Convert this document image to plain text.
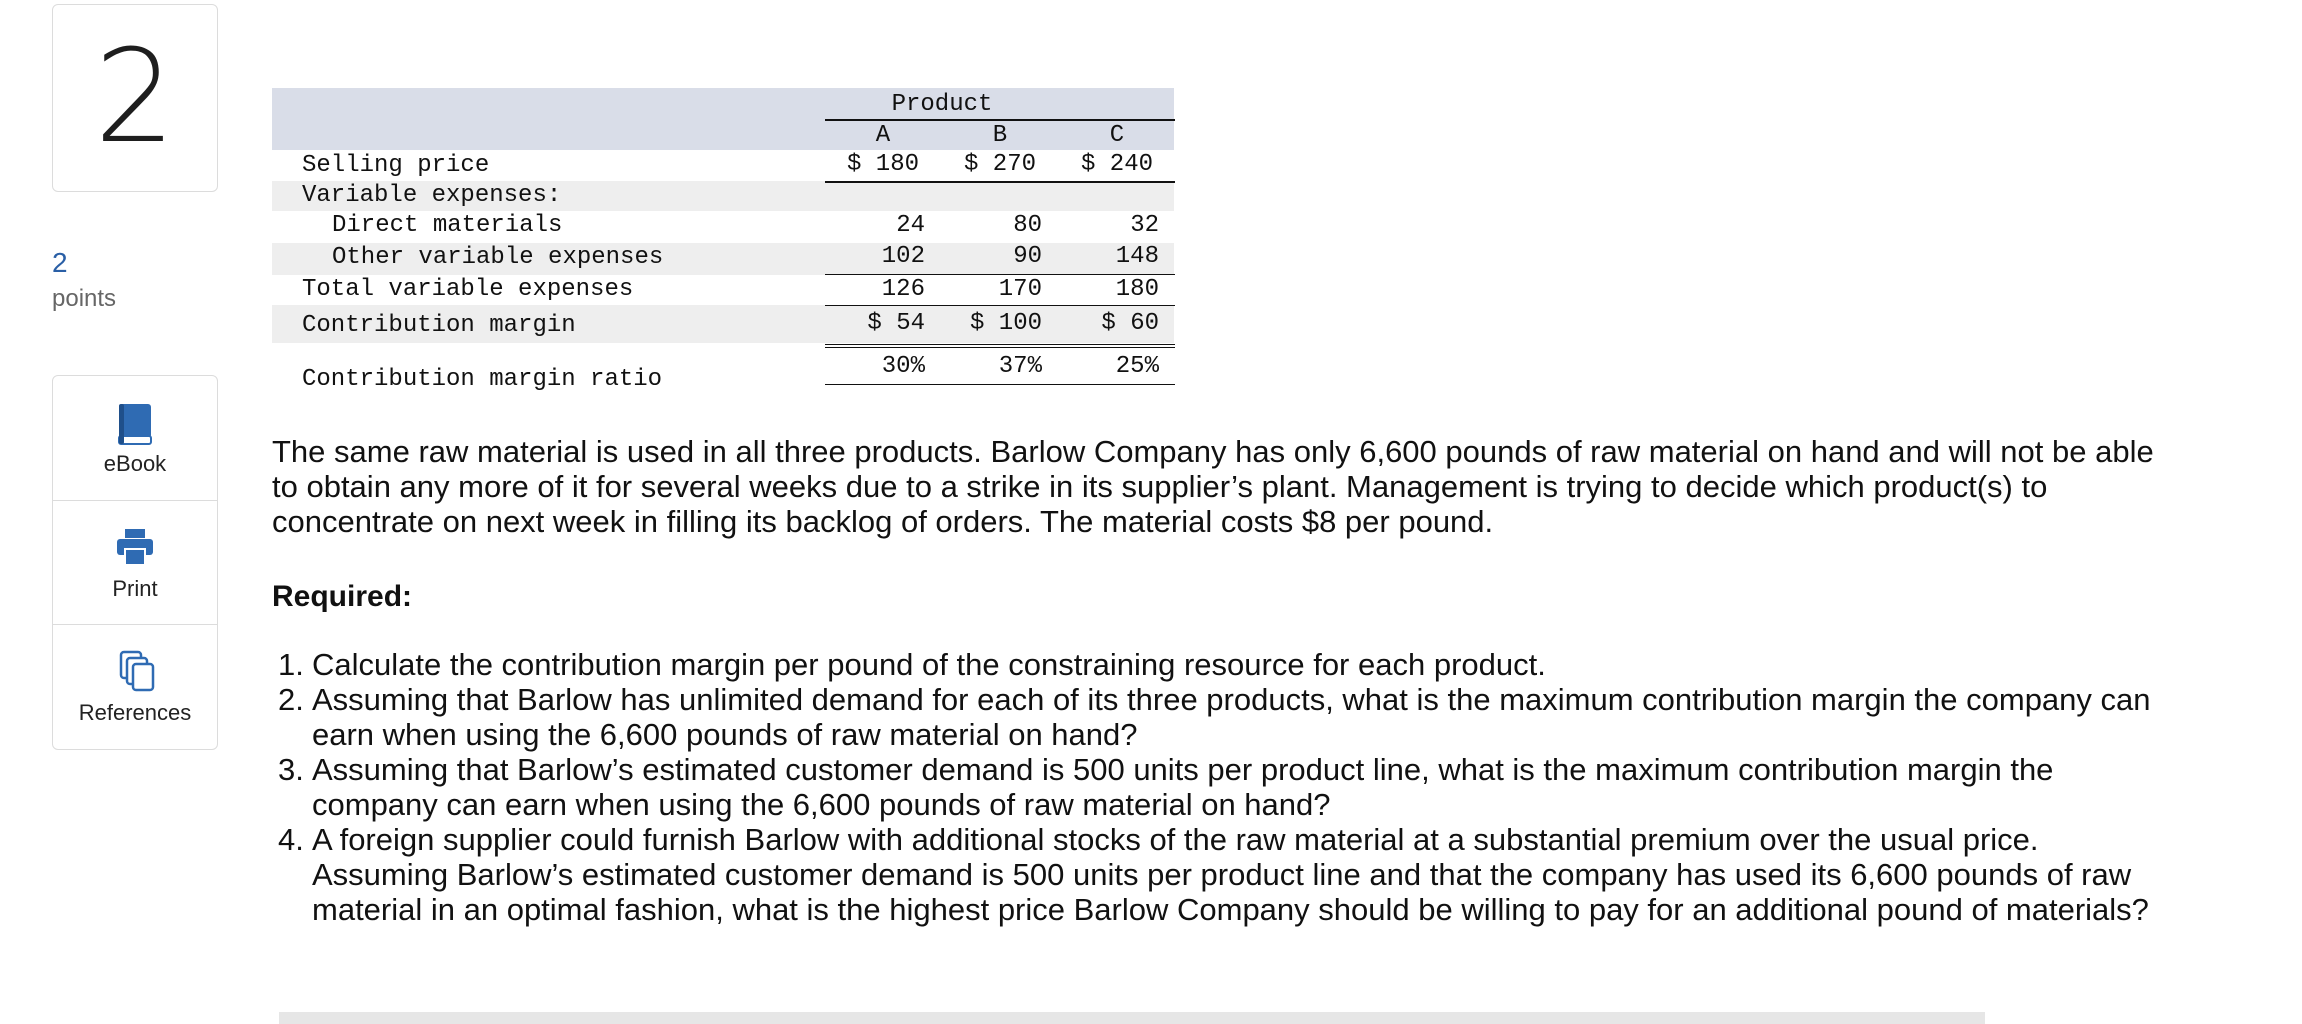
2
2
points
eBook
Print
References
Product
A	B	C
Selling price	$ 180	$ 270	$ 240
Variable expenses:
Direct materials	24	80	32
Other variable expenses	102	90	148
Total variable expenses	126	170	180
Contribution margin	$ 54	$ 100	$ 60
Contribution margin ratio	30%	37%	25%
The same raw material is used in all three products. Barlow Company has only 6,600 pounds of raw material on hand and will not be able to obtain any more of it for several weeks due to a strike in its supplier’s plant. Management is trying to decide which product(s) to concentrate on next week in filling its backlog of orders. The material costs $8 per pound.
Required:
1. Calculate the contribution margin per pound of the constraining resource for each product.
2. Assuming that Barlow has unlimited demand for each of its three products, what is the maximum contribution margin the company can earn when using the 6,600 pounds of raw material on hand?
3. Assuming that Barlow’s estimated customer demand is 500 units per product line, what is the maximum contribution margin the company can earn when using the 6,600 pounds of raw material on hand?
4. A foreign supplier could furnish Barlow with additional stocks of the raw material at a substantial premium over the usual price. Assuming Barlow’s estimated customer demand is 500 units per product line and that the company has used its 6,600 pounds of raw material in an optimal fashion, what is the highest price Barlow Company should be willing to pay for an additional pound of materials?
